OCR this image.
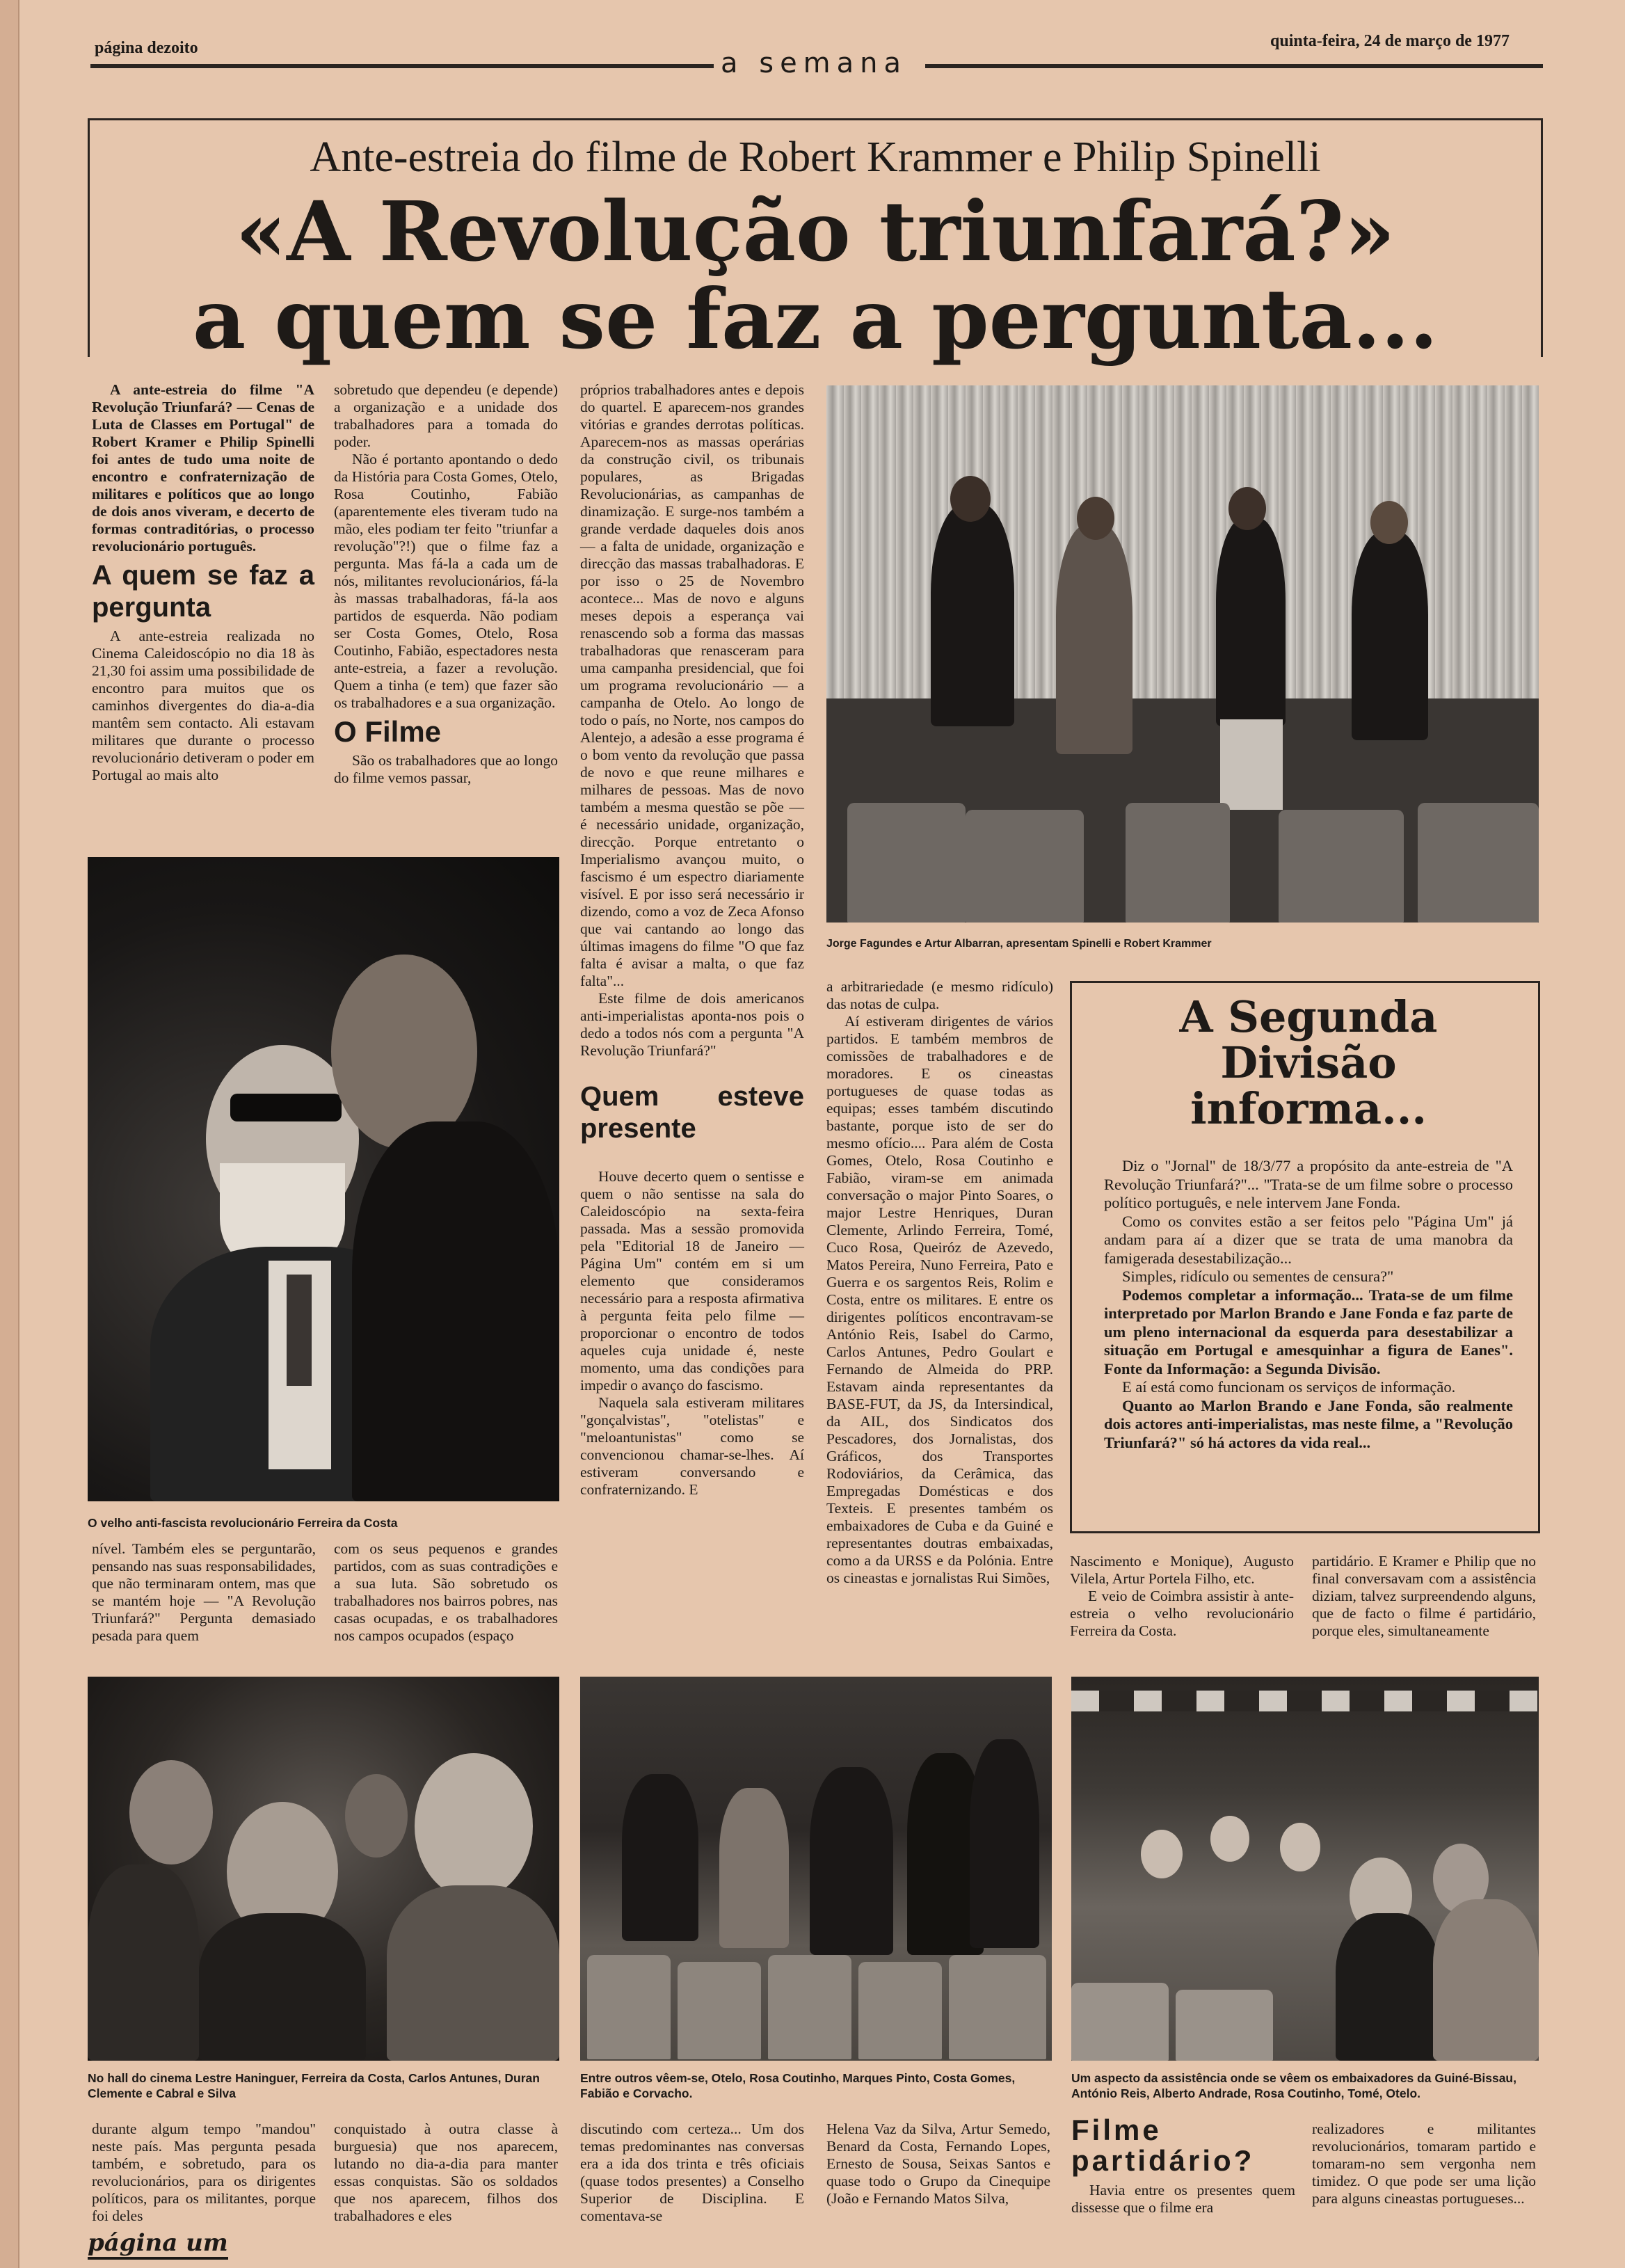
página dezoito	quinta-feira, 24 de março de 1977
a semana
Ante-estreia do filme de Robert Krammer e Philip Spinelli
«A Revolução triunfará?»
a quem se faz a pergunta...

A ante-estreia do filme "A Revolução Triunfará? — Cenas de Luta de Classes em Portugal" de Robert Kramer e Philip Spinelli foi antes de tudo uma noite de encontro e confraternização de militares e políticos que ao longo de dois anos viveram, e decerto de formas contraditórias, o processo revolucionário português.

A quem se faz a pergunta

A ante-estreia realizada no Cinema Caleidoscópio no dia 18 às 21,30 foi assim uma possibilidade de encontro para muitos que os caminhos divergentes do dia-a-dia mantêm sem contacto. Ali estavam militares que durante o processo revolucionário detiveram o poder em Portugal ao mais alto

sobretudo que dependeu (e depende) a organização e a unidade dos trabalhadores para a tomada do poder.

Não é portanto apontando o dedo da História para Costa Gomes, Otelo, Rosa Coutinho, Fabião (aparentemente eles tiveram tudo na mão, eles podiam ter feito "triunfar a revolução"?!) que o filme faz a pergunta. Mas fá-la a cada um de nós, militantes revolucionários, fá-la às massas trabalhadoras, fá-la aos partidos de esquerda. Não podiam ser Costa Gomes, Otelo, Rosa Coutinho, Fabião, espectadores nesta ante-estreia, a fazer a revolução. Quem a tinha (e tem) que fazer são os trabalhadores e a sua organização.

O Filme

São os trabalhadores que ao longo do filme vemos passar,

próprios trabalhadores antes e depois do quartel. E aparecem-nos grandes vitórias e grandes derrotas políticas. Aparecem-nos as massas operárias da construção civil, os tribunais populares, as Brigadas Revolucionárias, as campanhas de dinamização. E surge-nos também a grande verdade daqueles dois anos — a falta de unidade, organização e direcção das massas trabalhadoras. E por isso o 25 de Novembro acontece... Mas de novo e alguns meses depois a esperança vai renascendo sob a forma das massas trabalhadoras que renasceram para uma campanha presidencial, que foi um programa revolucionário — a campanha de Otelo. Ao longo de todo o país, no Norte, nos campos do Alentejo, a adesão a esse programa é o bom vento da revolução que passa de novo e que reune milhares e milhares de pessoas. Mas de novo também a mesma questão se põe — é necessário unidade, organização, direcção. Porque entretanto o Imperialismo avançou muito, o fascismo é um espectro diariamente visível. E por isso será necessário ir dizendo, como a voz de Zeca Afonso que vai cantando ao longo das últimas imagens do filme "O que faz falta é avisar a malta, o que faz falta"...

Este filme de dois americanos anti-imperialistas aponta-nos pois o dedo a todos nós com a pergunta "A Revolução Triunfará?"

Quem esteve presente

Houve decerto quem o sentisse e quem o não sentisse na sala do Caleidoscópio na sexta-feira passada. Mas a sessão promovida pela "Editorial 18 de Janeiro — Página Um" contém em si um elemento que consideramos necessário para a resposta afirmativa à pergunta feita pelo filme — proporcionar o encontro de todos aqueles cuja unidade é, neste momento, uma das condições para impedir o avanço do fascismo.

Naquela sala estiveram militares "gonçalvistas", "otelistas" e "meloantunistas" como se convencionou chamar-se-lhes. Aí estiveram conversando e confraternizando. E

Jorge Fagundes e Artur Albarran, apresentam Spinelli e Robert Krammer
O velho anti-fascista revolucionário Ferreira da Costa

a arbitrariedade (e mesmo ridículo) das notas de culpa.

Aí estiveram dirigentes de vários partidos. E também membros de comissões de trabalhadores e de moradores. E os cineastas portugueses de quase todas as equipas; esses também discutindo bastante, porque isto de ser do mesmo ofício.... Para além de Costa Gomes, Otelo, Rosa Coutinho e Fabião, viram-se em animada conversação o major Pinto Soares, o major Lestre Henriques, Duran Clemente, Arlindo Ferreira, Tomé, Cuco Rosa, Queiróz de Azevedo, Matos Pereira, Nuno Ferreira, Pato e Guerra e os sargentos Reis, Rolim e Costa, entre os militares. E entre os dirigentes políticos encontravam-se António Reis, Isabel do Carmo, Carlos Antunes, Pedro Goulart e Fernando de Almeida do PRP. Estavam ainda representantes da BASE-FUT, da JS, da Intersindical, da AIL, dos Sindicatos dos Pescadores, dos Jornalistas, dos Gráficos, dos Transportes Rodoviários, da Cerâmica, das Empregadas Domésticas e dos Texteis. E presentes também os embaixadores de Cuba e da Guiné e representantes doutras embaixadas, como a da URSS e da Polónia. Entre os cineastas e jornalistas Rui Simões,

A Segunda Divisão informa...

Diz o "Jornal" de 18/3/77 a propósito da ante-estreia de "A Revolução Triunfará?"... "Trata-se de um filme sobre o processo político português, e nele intervem Jane Fonda.

Como os convites estão a ser feitos pelo "Página Um" já andam para aí a dizer que se trata de uma manobra da famigerada desestabilização...

Simples, ridículo ou sementes de censura?"

Podemos completar a informação... Trata-se de um filme interpretado por Marlon Brando e Jane Fonda e faz parte de um pleno internacional da esquerda para desestabilizar a situação em Portugal e amesquinhar a figura de Eanes". Fonte da Informação: a Segunda Divisão.

E aí está como funcionam os serviços de informação.

Quanto ao Marlon Brando e Jane Fonda, são realmente dois actores anti-imperialistas, mas neste filme, a "Revolução Triunfará?" só há actores da vida real...

nível. Também eles se perguntarão, pensando nas suas responsabilidades, que não terminaram ontem, mas que se mantém hoje — "A Revolução Triunfará?" Pergunta demasiado pesada para quem

com os seus pequenos e grandes partidos, com as suas contradições e a sua luta. São sobretudo os trabalhadores nos bairros pobres, nas casas ocupadas, e os trabalhadores nos campos ocupados (espaço

Nascimento e Monique), Augusto Vilela, Artur Portela Filho, etc.

E veio de Coimbra assistir à ante-estreia o velho revolucionário Ferreira da Costa.

partidário. E Kramer e Philip que no final conversavam com a assistência diziam, talvez surpreendendo alguns, que de facto o filme é partidário, porque eles, simultaneamente

No hall do cinema Lestre Haninguer, Ferreira da Costa, Carlos Antunes, Duran Clemente e Cabral e Silva
Entre outros vêem-se, Otelo, Rosa Coutinho, Marques Pinto, Costa Gomes, Fabião e Corvacho.
Um aspecto da assistência onde se vêem os embaixadores da Guiné-Bissau, António Reis, Alberto Andrade, Rosa Coutinho, Tomé, Otelo.

durante algum tempo "mandou" neste país. Mas pergunta pesada também, e sobretudo, para os revolucionários, para os dirigentes políticos, para os militantes, porque foi deles

conquistado à outra classe à burguesia) que nos aparecem, lutando no dia-a-dia para manter essas conquistas. São os soldados que nos aparecem, filhos dos trabalhadores e eles

discutindo com certeza... Um dos temas predominantes nas conversas era a ida dos trinta e três oficiais (quase todos presentes) a Conselho Superior de Disciplina. E comentava-se

Helena Vaz da Silva, Artur Semedo, Benard da Costa, Fernando Lopes, Ernesto de Sousa, Seixas Santos e quase todo o Grupo da Cinequipe (João e Fernando Matos Silva,

Filme partidário?

Havia entre os presentes quem dissesse que o filme era

realizadores e militantes revolucionários, tomaram partido e tomaram-no sem vergonha nem timidez. O que pode ser uma lição para alguns cineastas portugueses...

página um
